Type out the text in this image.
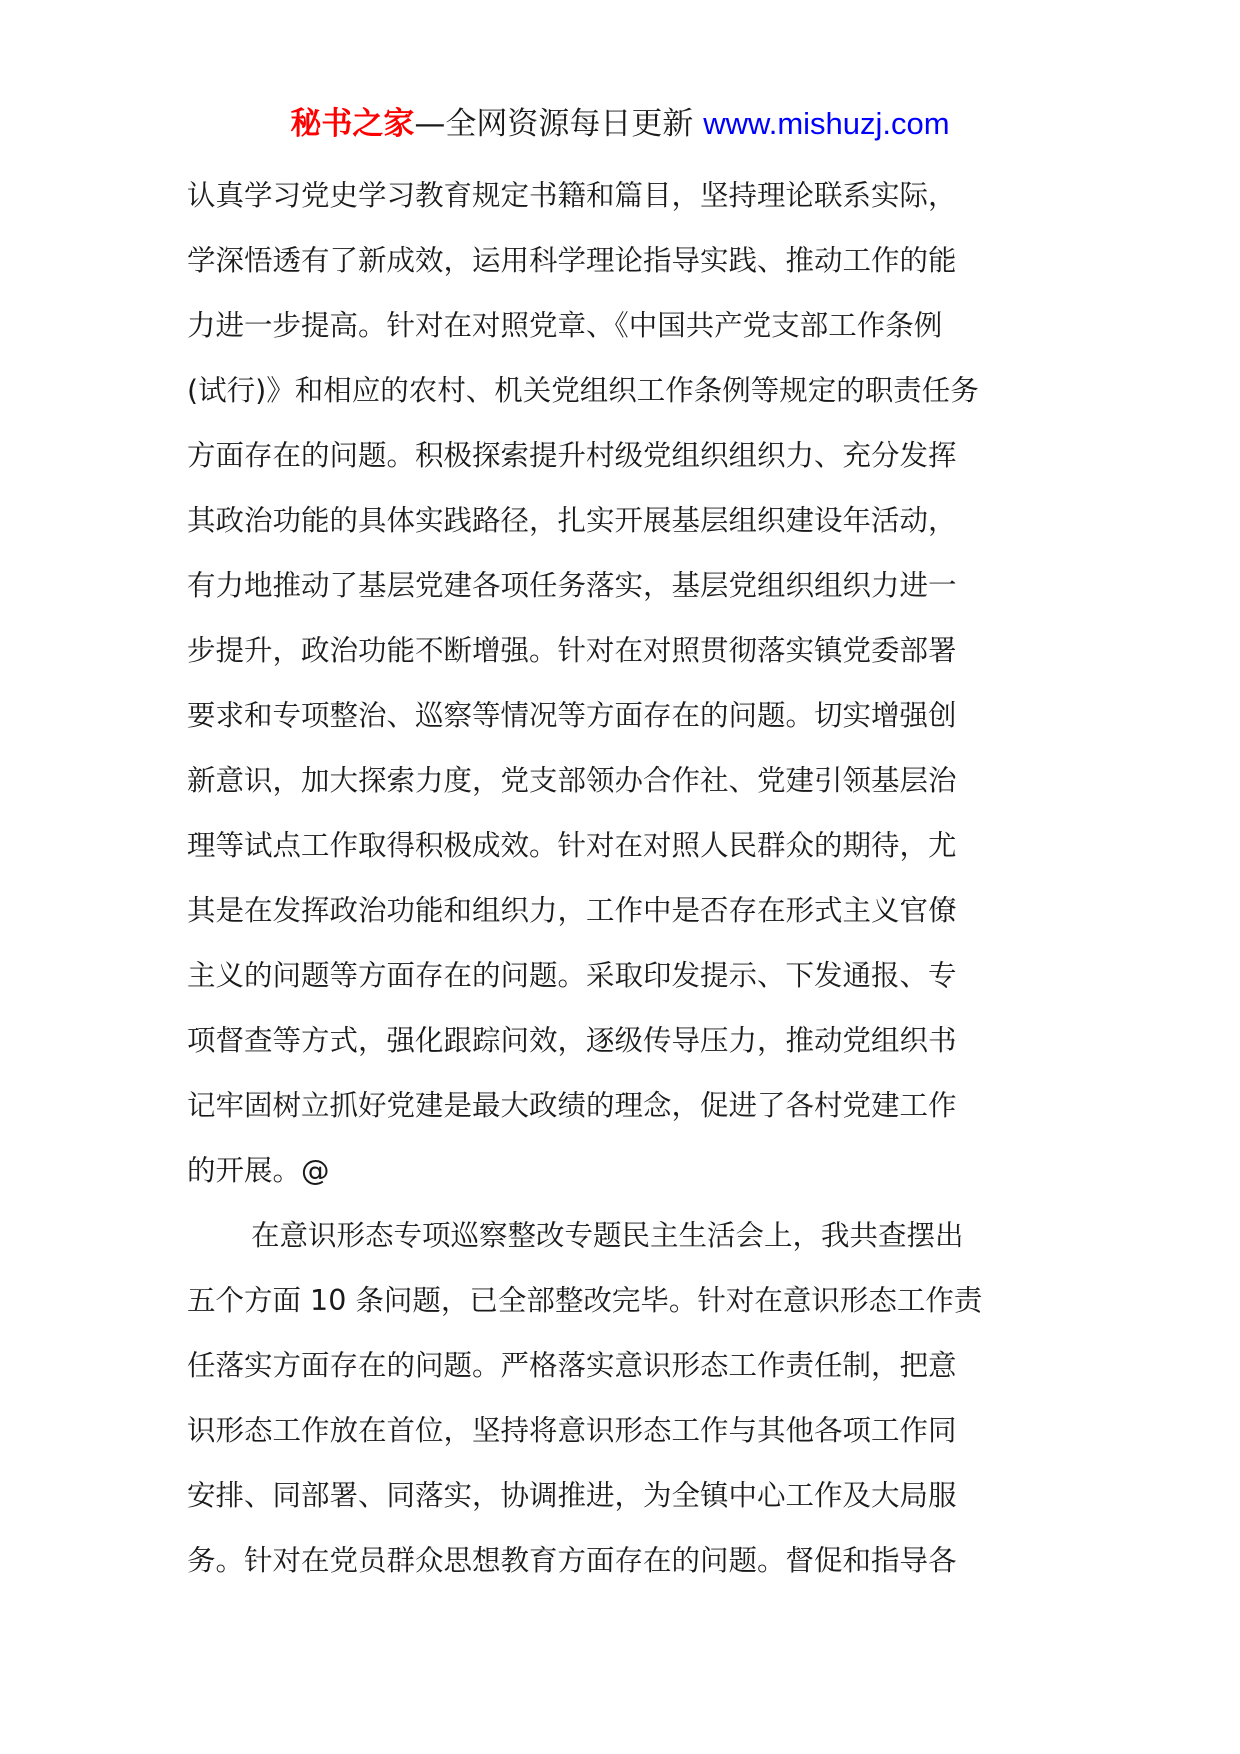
秘书之家—全网资源每日更新 www.mishuzj.com
认真学习党史学习教育规定书籍和篇目，坚持理论联系实际，
学深悟透有了新成效，运用科学理论指导实践、推动工作的能
力进一步提高。针对在对照党章、《中国共产党支部工作条例
(试行)》和相应的农村、机关党组织工作条例等规定的职责任务
方面存在的问题。积极探索提升村级党组织组织力、充分发挥
其政治功能的具体实践路径，扎实开展基层组织建设年活动，
有力地推动了基层党建各项任务落实，基层党组织组织力进一
步提升，政治功能不断增强。针对在对照贯彻落实镇党委部署
要求和专项整治、巡察等情况等方面存在的问题。切实增强创
新意识，加大探索力度，党支部领办合作社、党建引领基层治
理等试点工作取得积极成效。针对在对照人民群众的期待，尤
其是在发挥政治功能和组织力，工作中是否存在形式主义官僚
主义的问题等方面存在的问题。采取印发提示、下发通报、专
项督查等方式，强化跟踪问效，逐级传导压力，推动党组织书
记牢固树立抓好党建是最大政绩的理念，促进了各村党建工作
的开展。@
在意识形态专项巡察整改专题民主生活会上，我共查摆出
五个方面 10 条问题，已全部整改完毕。针对在意识形态工作责
任落实方面存在的问题。严格落实意识形态工作责任制，把意
识形态工作放在首位，坚持将意识形态工作与其他各项工作同
安排、同部署、同落实，协调推进，为全镇中心工作及大局服
务。针对在党员群众思想教育方面存在的问题。督促和指导各
